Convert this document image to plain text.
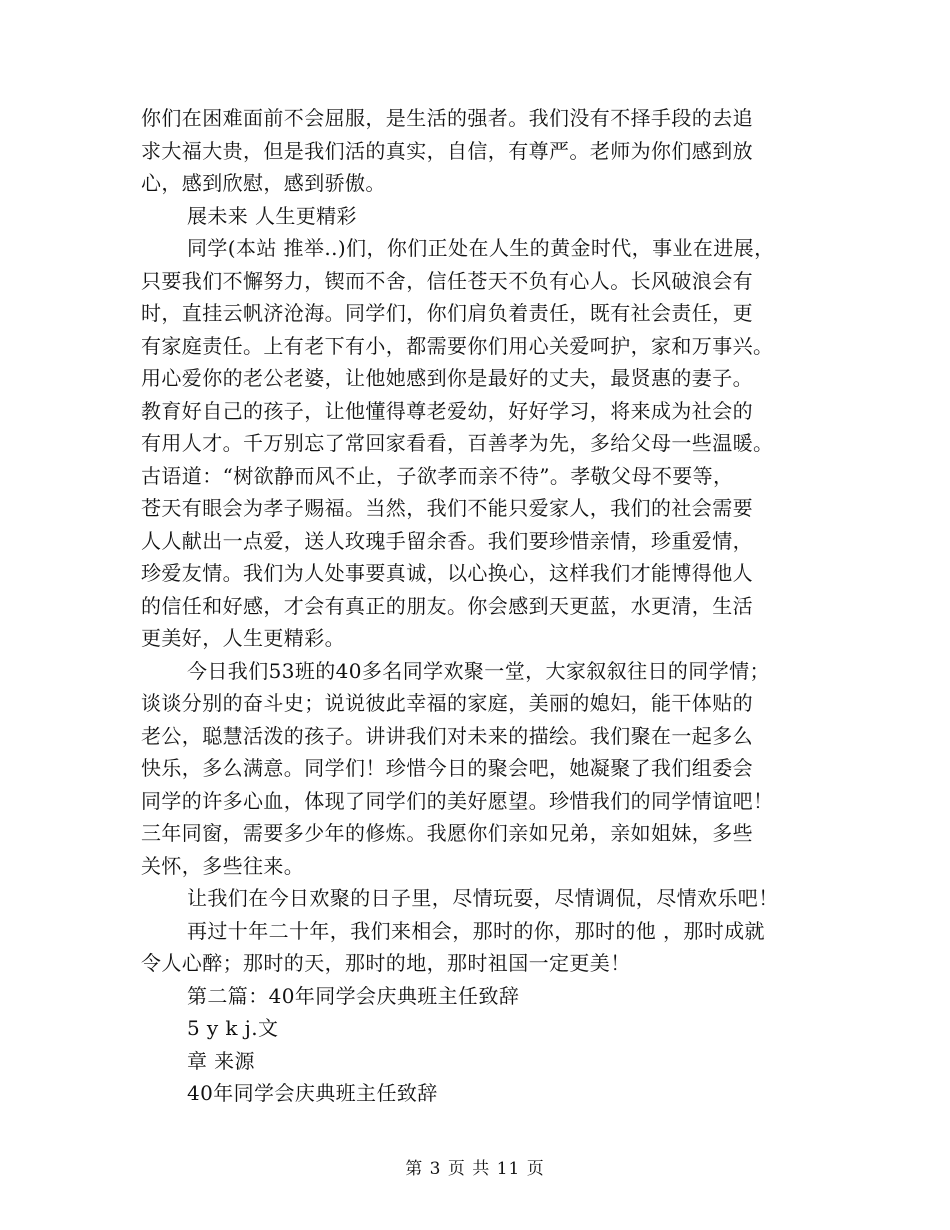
你们在困难面前不会屈服，是生活的强者。我们没有不择手段的去追
求大福大贵，但是我们活的真实，自信，有尊严。老师为你们感到放
心，感到欣慰，感到骄傲。
展未来 人生更精彩
同学(本站 推举..)们，你们正处在人生的黄金时代，事业在进展，
只要我们不懈努力，锲而不舍，信任苍天不负有心人。长风破浪会有
时，直挂云帆济沧海。同学们，你们肩负着责任，既有社会责任，更
有家庭责任。上有老下有小，都需要你们用心关爱呵护，家和万事兴。
用心爱你的老公老婆，让他她感到你是最好的丈夫，最贤惠的妻子。
教育好自己的孩子，让他懂得尊老爱幼，好好学习，将来成为社会的
有用人才。千万别忘了常回家看看，百善孝为先，多给父母一些温暖。
古语道：“树欲静而风不止，子欲孝而亲不待”。孝敬父母不要等，
苍天有眼会为孝子赐福。当然，我们不能只爱家人，我们的社会需要
人人献出一点爱，送人玫瑰手留余香。我们要珍惜亲情，珍重爱情，
珍爱友情。我们为人处事要真诚，以心换心，这样我们才能博得他人
的信任和好感，才会有真正的朋友。你会感到天更蓝，水更清，生活
更美好，人生更精彩。
今日我们53班的40多名同学欢聚一堂，大家叙叙往日的同学情；
谈谈分别的奋斗史；说说彼此幸福的家庭，美丽的媳妇，能干体贴的
老公，聪慧活泼的孩子。讲讲我们对未来的描绘。我们聚在一起多么
快乐，多么满意。同学们！珍惜今日的聚会吧，她凝聚了我们组委会
同学的许多心血，体现了同学们的美好愿望。珍惜我们的同学情谊吧！
三年同窗，需要多少年的修炼。我愿你们亲如兄弟，亲如姐妹，多些
关怀，多些往来。
让我们在今日欢聚的日子里，尽情玩耍，尽情调侃，尽情欢乐吧！
再过十年二十年，我们来相会，那时的你，那时的他 ，那时成就
令人心醉；那时的天，那时的地，那时祖国一定更美！
第二篇：40年同学会庆典班主任致辞
5 y k j.文
章 来源
40年同学会庆典班主任致辞
第 3 页 共 11 页
